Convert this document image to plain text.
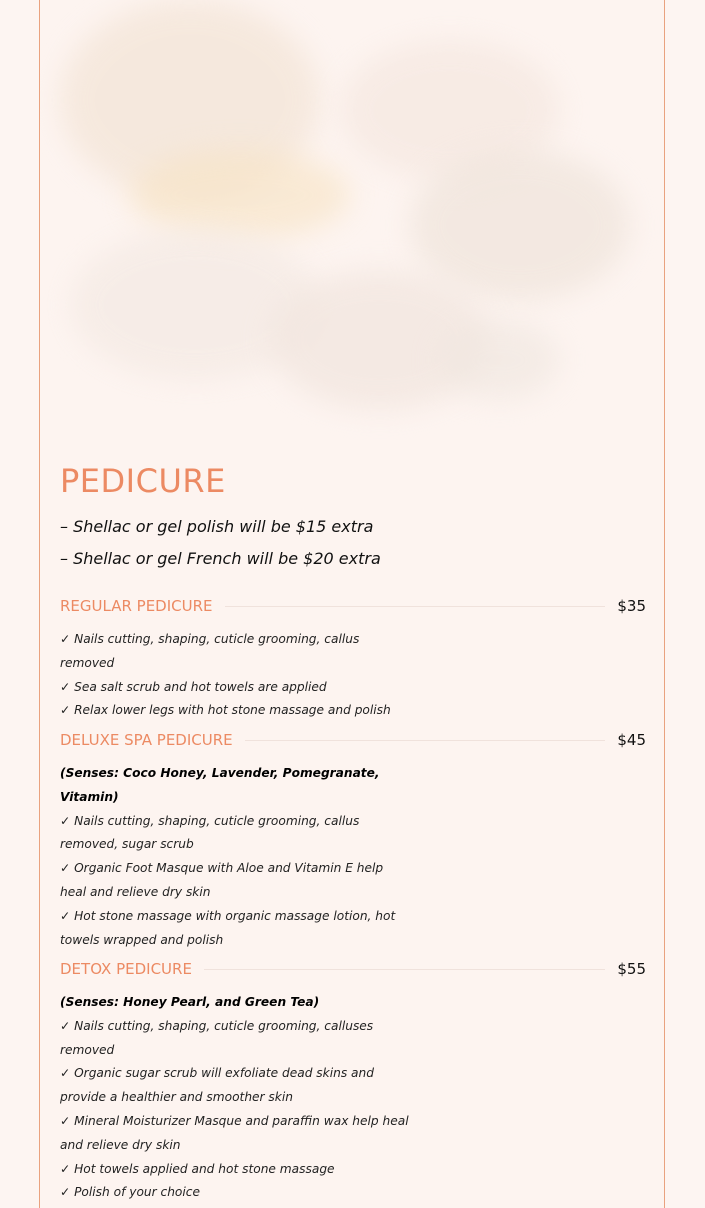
PEDICURE
– Shellac or gel polish will be $15 extra
– Shellac or gel French will be $20 extra
REGULAR PEDICURE	$35
✓ Nails cutting, shaping, cuticle grooming, callus removed
✓ Sea salt scrub and hot towels are applied
✓ Relax lower legs with hot stone massage and polish
DELUXE SPA PEDICURE	$45
(Senses: Coco Honey, Lavender, Pomegranate, Vitamin)
✓ Nails cutting, shaping, cuticle grooming, callus removed, sugar scrub
✓ Organic Foot Masque with Aloe and Vitamin E help heal and relieve dry skin
✓ Hot stone massage with organic massage lotion, hot towels wrapped and polish
DETOX PEDICURE	$55
(Senses: Honey Pearl, and Green Tea)
✓ Nails cutting, shaping, cuticle grooming, calluses removed
✓ Organic sugar scrub will exfoliate dead skins and provide a healthier and smoother skin
✓ Mineral Moisturizer Masque and paraffin wax help heal and relieve dry skin
✓ Hot towels applied and hot stone massage
✓ Polish of your choice
